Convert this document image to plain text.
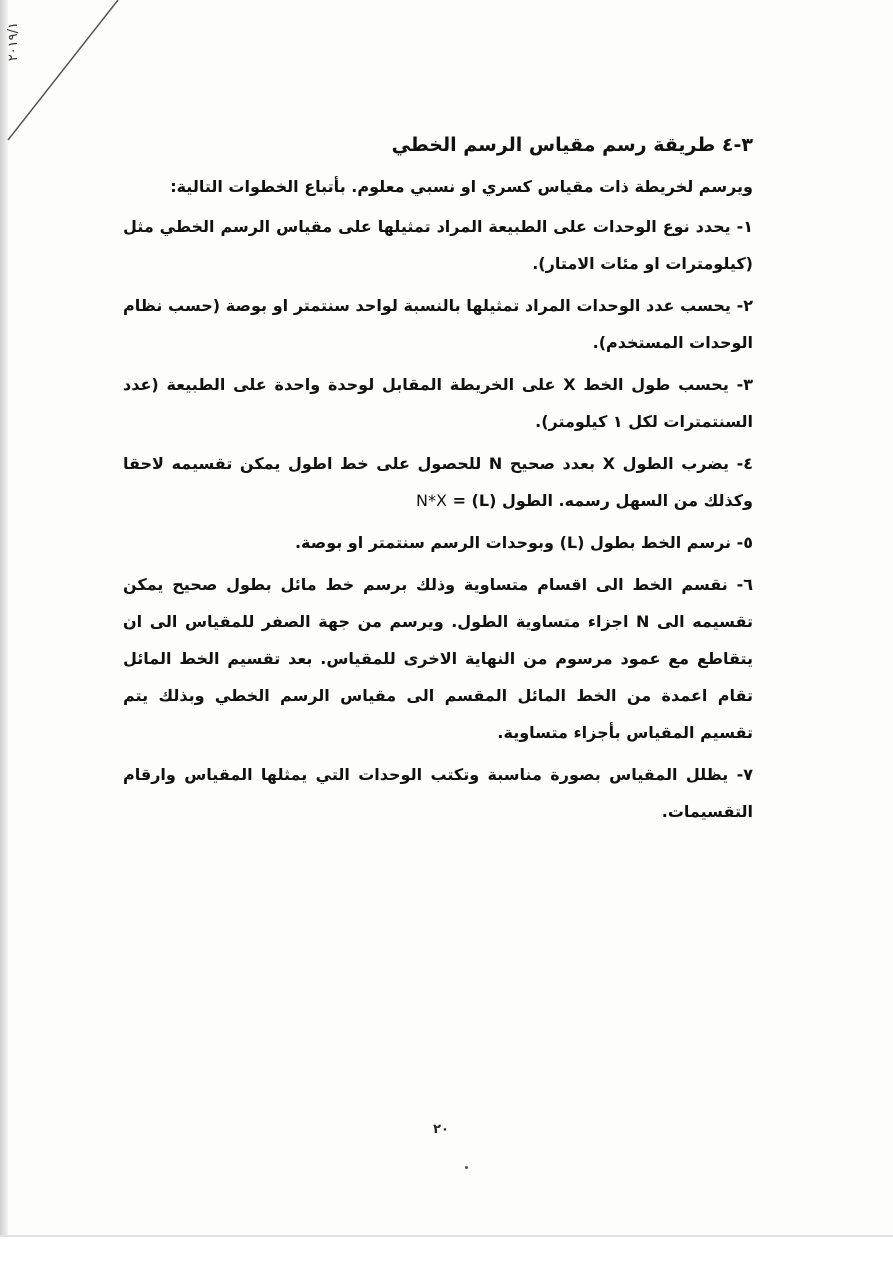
٢٠١٩/١
٣-٤ طريقة رسم مقياس الرسم الخطي

ويرسم لخريطة ذات مقياس كسري او نسبي معلوم. بأتباع الخطوات التالية:

١- يحدد نوع الوحدات على الطبيعة المراد تمثيلها على مقياس الرسم الخطي مثل (كيلومترات او مئات الامتار).

٢- يحسب عدد الوحدات المراد تمثيلها بالنسبة لواحد سنتمتر او بوصة (حسب نظام الوحدات المستخدم).

٣- يحسب طول الخط X على الخريطة المقابل لوحدة واحدة على الطبيعة (عدد السنتمترات لكل ١ كيلومتر).

٤- يضرب الطول X بعدد صحيح N للحصول على خط اطول يمكن تقسيمه لاحقا وكذلك من السهل رسمه. الطول (L) = N*X

٥- نرسم الخط بطول (L) وبوحدات الرسم سنتمتر او بوصة.

٦- نقسم الخط الى اقسام متساوية وذلك برسم خط مائل بطول صحيح يمكن تقسيمه الى N اجزاء متساوية الطول. ويرسم من جهة الصفر للمقياس الى ان يتقاطع مع عمود مرسوم من النهاية الاخرى للمقياس. بعد تقسيم الخط المائل تقام اعمدة من الخط المائل المقسم الى مقياس الرسم الخطي وبذلك يتم تقسيم المقياس بأجزاء متساوية.

٧- يظلل المقياس بصورة مناسبة وتكتب الوحدات التي يمثلها المقياس وارقام التقسيمات.

٢٠
